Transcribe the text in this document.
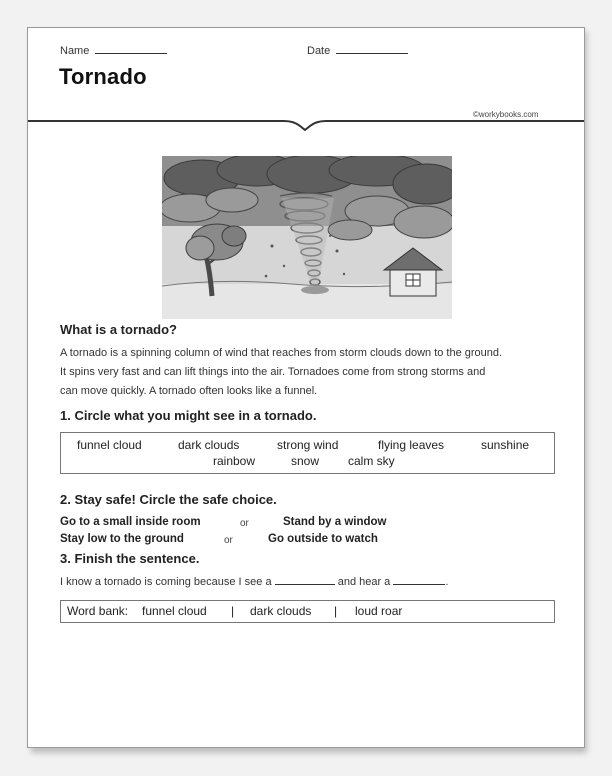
Name	Date
Tornado
©workybooks.com
What is a tornado?
A tornado is a spinning column of wind that reaches from storm clouds down to the ground.
It spins very fast and can lift things into the air. Tornadoes come from strong storms and
can move quickly. A tornado often looks like a funnel.
1. Circle what you might see in a tornado.
funnel cloud	dark clouds	strong wind	flying leaves	sunshine
rainbow	snow calm sky
2. Stay safe! Circle the safe choice.
Go to a small inside room	or	Stand by a window
Stay low to the ground	or	Go outside to watch
3. Finish the sentence.
I know a tornado is coming because I see a	and hear a	.
Word bank: funnel cloud | dark clouds | loud roar
